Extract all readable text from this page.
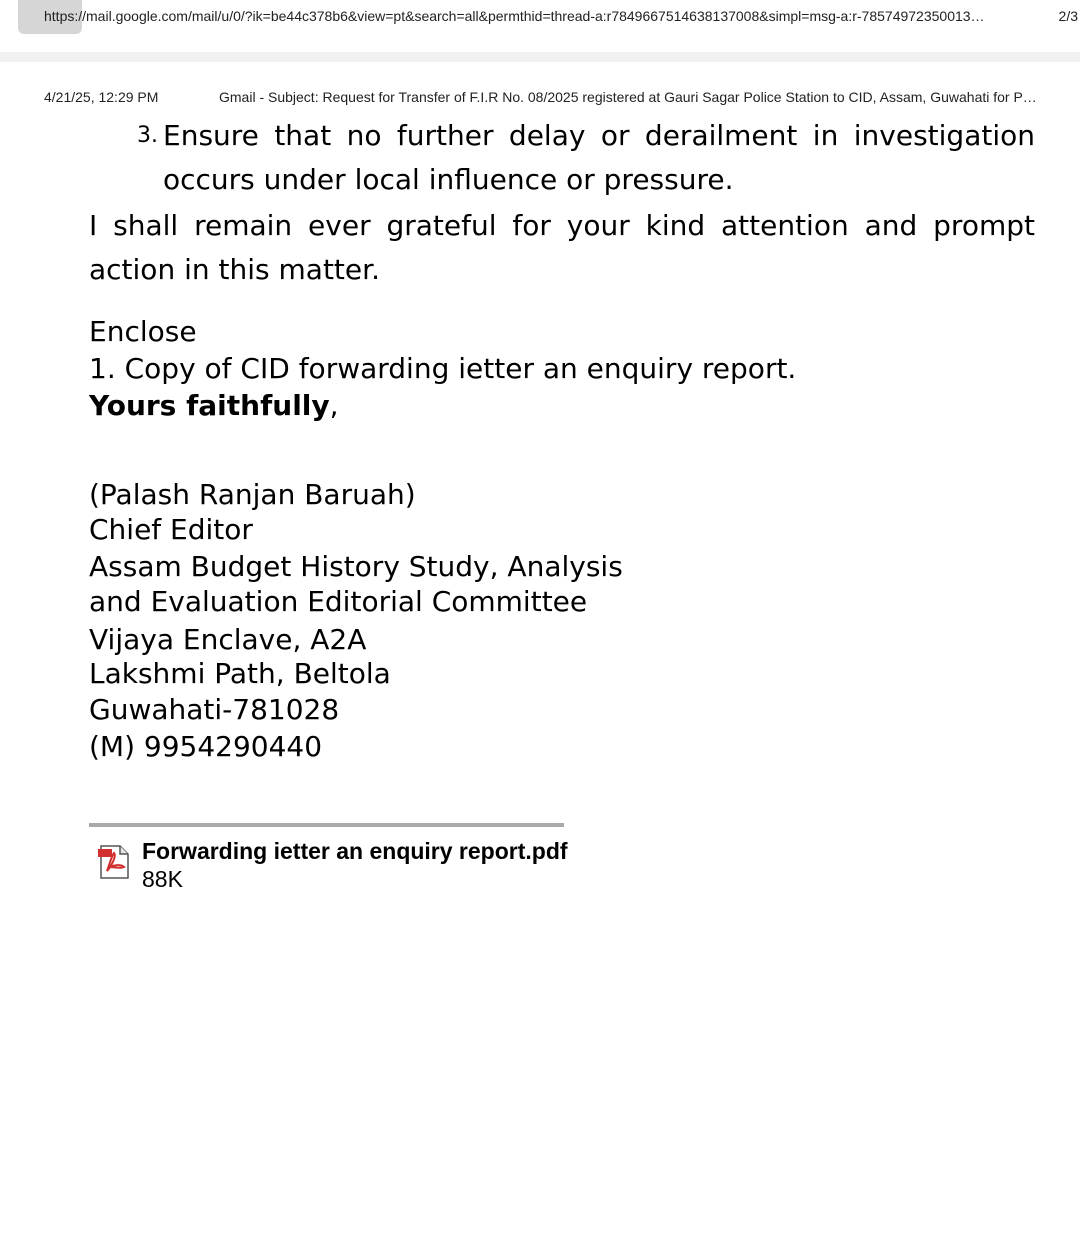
https://mail.google.com/mail/u/0/?ik=be44c378b6&view=pt&search=all&permthid=thread-a:r7849667514638137008&simpl=msg-a:r-78574972350013…	2/3
4/21/25, 12:29 PM	Gmail - Subject: Request for Transfer of F.I.R No. 08/2025 registered at Gauri Sagar Police Station to CID, Assam, Guwahati for P…
3. Ensure that no further delay or derailment in investigation occurs under local influence or pressure.
I shall remain ever grateful for your kind attention and prompt action in this matter.
Enclose
1. Copy of CID forwarding ietter an enquiry report.
Yours faithfully,
(Palash Ranjan Baruah)
Chief Editor
Assam Budget History Study, Analysis
and Evaluation Editorial Committee
Vijaya Enclave, A2A
Lakshmi Path, Beltola
Guwahati-781028
(M) 9954290440
Forwarding ietter an enquiry report.pdf
88K
